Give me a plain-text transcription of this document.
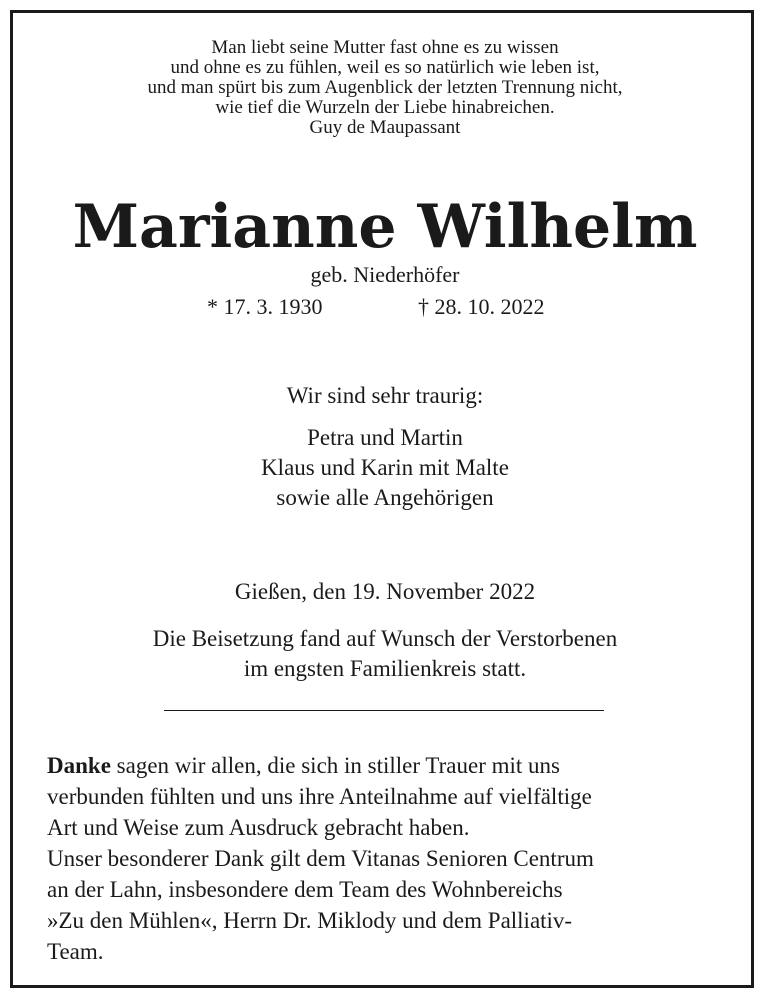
Man liebt seine Mutter fast ohne es zu wissen
und ohne es zu fühlen, weil es so natürlich wie leben ist,
und man spürt bis zum Augenblick der letzten Trennung nicht,
wie tief die Wurzeln der Liebe hinabreichen.
Guy de Maupassant
Marianne Wilhelm
geb. Niederhöfer
* 17. 3. 1930	† 28. 10. 2022
Wir sind sehr traurig:
Petra und Martin
Klaus und Karin mit Malte
sowie alle Angehörigen
Gießen, den 19. November 2022
Die Beisetzung fand auf Wunsch der Verstorbenen
im engsten Familienkreis statt.
Danke sagen wir allen, die sich in stiller Trauer mit uns
verbunden fühlten und uns ihre Anteilnahme auf vielfältige
Art und Weise zum Ausdruck gebracht haben.
Unser besonderer Dank gilt dem Vitanas Senioren Centrum
an der Lahn, insbesondere dem Team des Wohnbereichs
»Zu den Mühlen«, Herrn Dr. Miklody und dem Palliativ-
Team.
